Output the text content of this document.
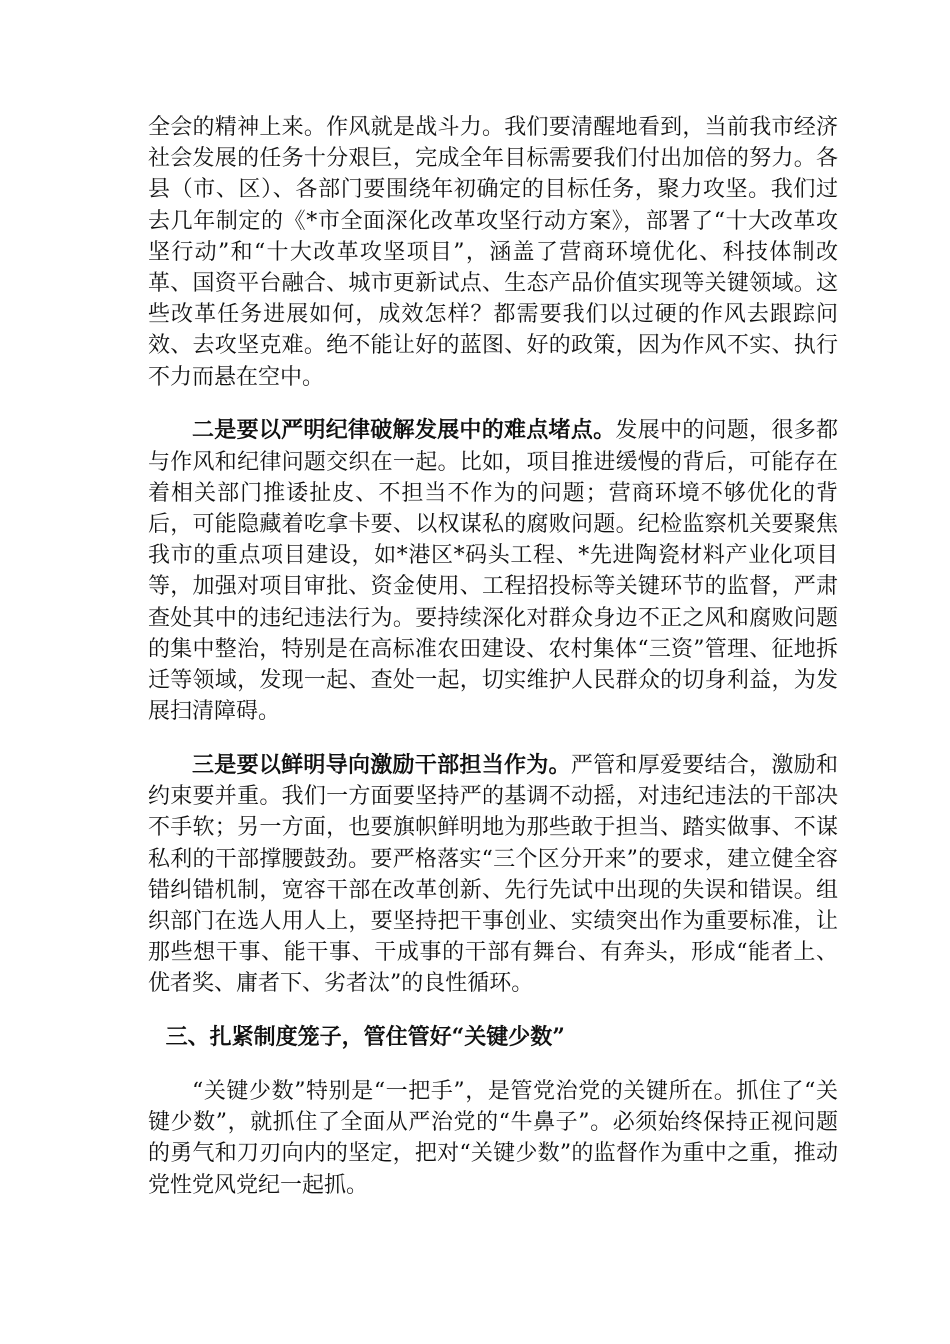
全会的精神上来。作风就是战斗力。我们要清醒地看到，当前我市经济社会发展的任务十分艰巨，完成全年目标需要我们付出加倍的努力。各县（市、区）、各部门要围绕年初确定的目标任务，聚力攻坚。我们过去几年制定的《*市全面深化改革攻坚行动方案》，部署了“十大改革攻坚行动”和“十大改革攻坚项目”，涵盖了营商环境优化、科技体制改革、国资平台融合、城市更新试点、生态产品价值实现等关键领域。这些改革任务进展如何，成效怎样？都需要我们以过硬的作风去跟踪问效、去攻坚克难。绝不能让好的蓝图、好的政策，因为作风不实、执行不力而悬在空中。

二是要以严明纪律破解发展中的难点堵点。发展中的问题，很多都与作风和纪律问题交织在一起。比如，项目推进缓慢的背后，可能存在着相关部门推诿扯皮、不担当不作为的问题；营商环境不够优化的背后，可能隐藏着吃拿卡要、以权谋私的腐败问题。纪检监察机关要聚焦我市的重点项目建设，如*港区*码头工程、*先进陶瓷材料产业化项目等，加强对项目审批、资金使用、工程招投标等关键环节的监督，严肃查处其中的违纪违法行为。要持续深化对群众身边不正之风和腐败问题的集中整治，特别是在高标准农田建设、农村集体“三资”管理、征地拆迁等领域，发现一起、查处一起，切实维护人民群众的切身利益，为发展扫清障碍。

三是要以鲜明导向激励干部担当作为。严管和厚爱要结合，激励和约束要并重。我们一方面要坚持严的基调不动摇，对违纪违法的干部决不手软；另一方面，也要旗帜鲜明地为那些敢于担当、踏实做事、不谋私利的干部撑腰鼓劲。要严格落实“三个区分开来”的要求，建立健全容错纠错机制，宽容干部在改革创新、先行先试中出现的失误和错误。组织部门在选人用人上，要坚持把干事创业、实绩突出作为重要标准，让那些想干事、能干事、干成事的干部有舞台、有奔头，形成“能者上、优者奖、庸者下、劣者汰”的良性循环。

三、扎紧制度笼子，管住管好“关键少数”

“关键少数”特别是“一把手”，是管党治党的关键所在。抓住了“关键少数”，就抓住了全面从严治党的“牛鼻子”。必须始终保持正视问题的勇气和刀刃向内的坚定，把对“关键少数”的监督作为重中之重，推动党性党风党纪一起抓。
